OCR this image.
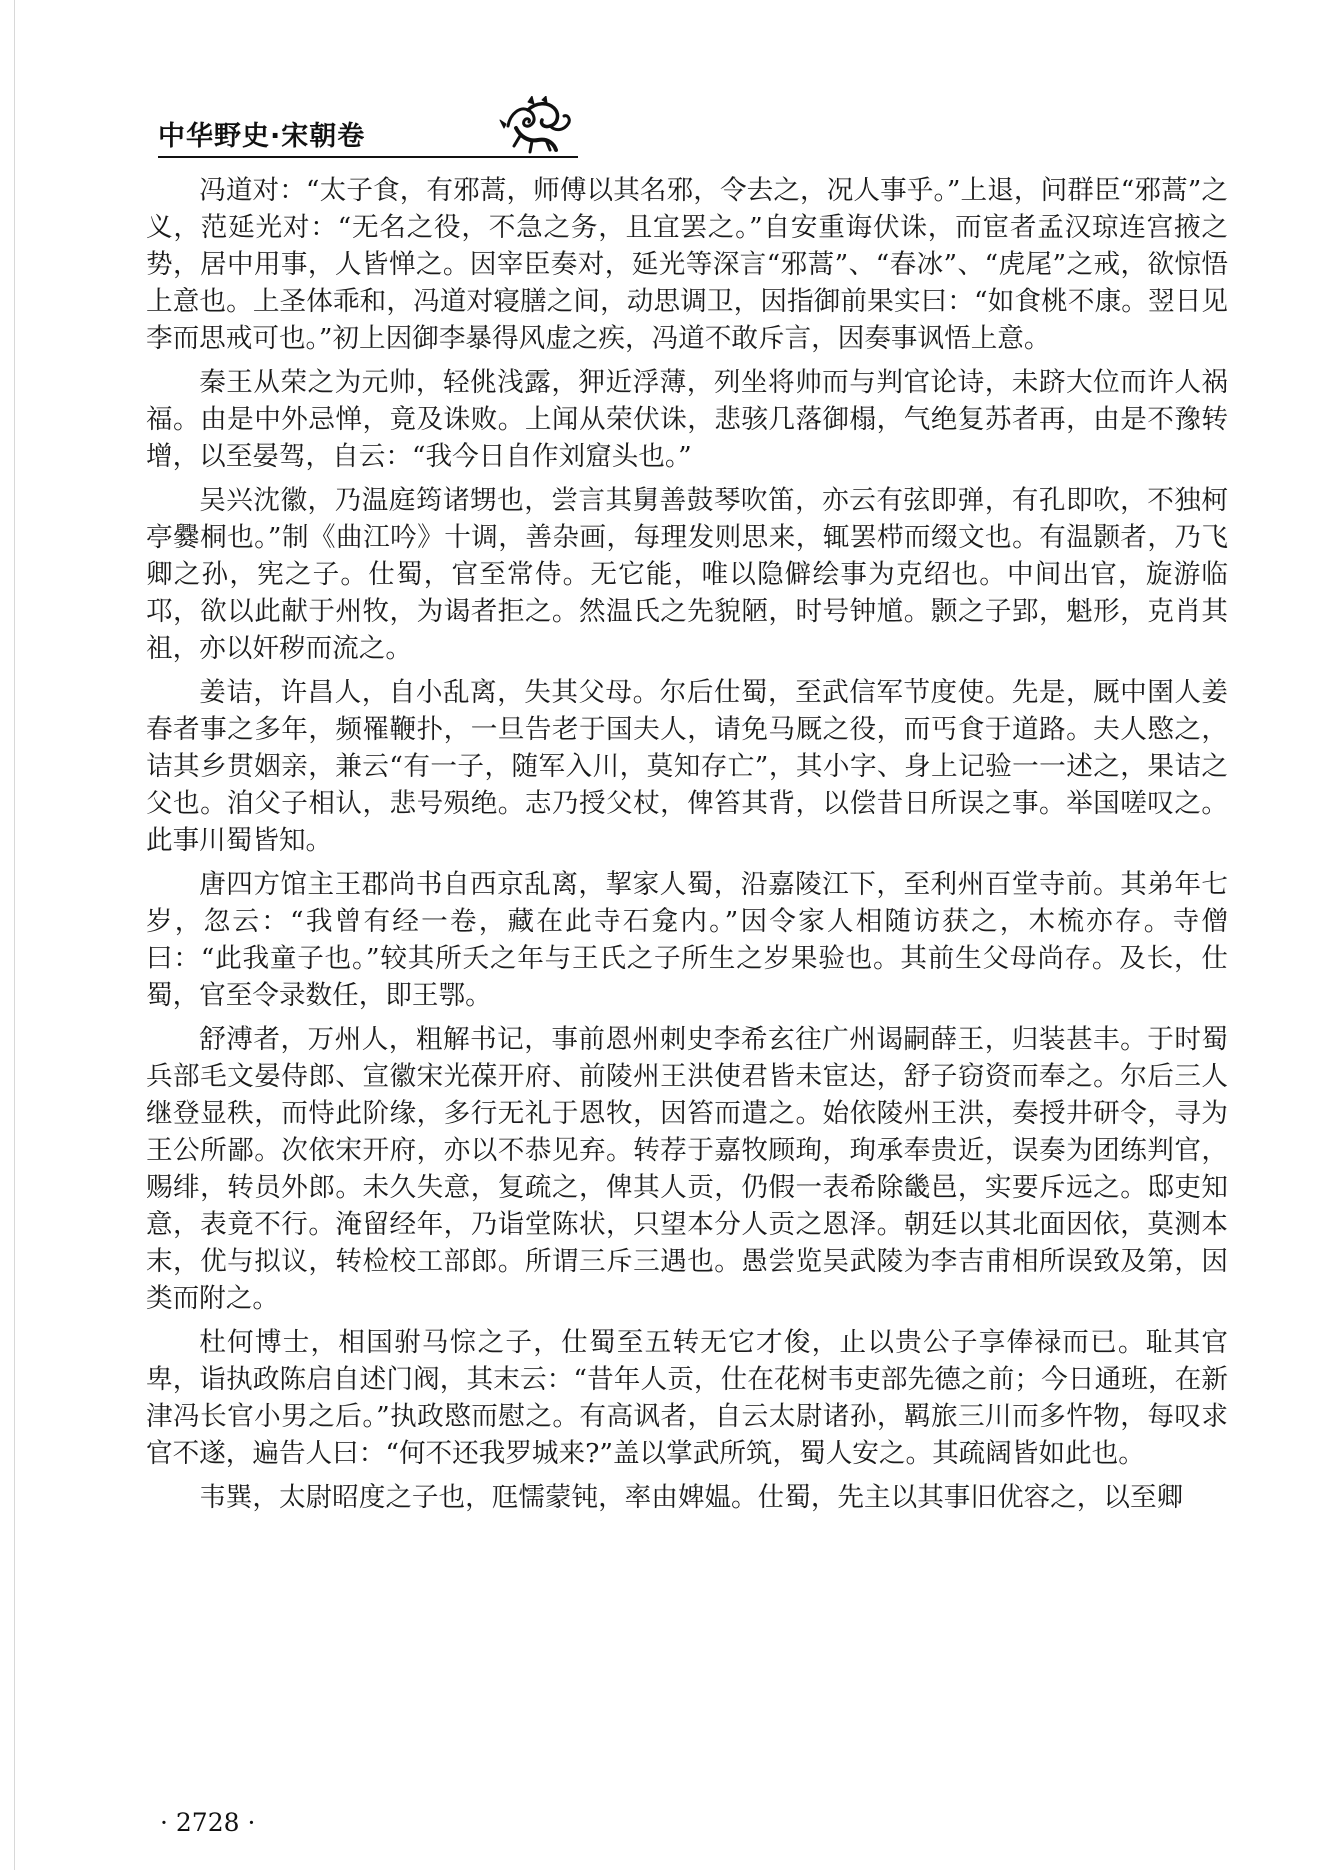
中华野史·宋朝卷

冯道对：“太子食，有邪蒿，师傅以其名邪，令去之，况人事乎。”上退，问群臣“邪蒿”之义，范延光对：“无名之役，不急之务，且宜罢之。”自安重诲伏诛，而宦者孟汉琼连宫掖之势，居中用事，人皆惮之。因宰臣奏对，延光等深言“邪蒿”、“春冰”、“虎尾”之戒，欲惊悟上意也。上圣体乖和，冯道对寝膳之间，动思调卫，因指御前果实曰：“如食桃不康。翌日见李而思戒可也。”初上因御李暴得风虚之疾，冯道不敢斥言，因奏事讽悟上意。

秦王从荣之为元帅，轻佻浅露，狎近浮薄，列坐将帅而与判官论诗，未跻大位而许人祸福。由是中外忌惮，竟及诛败。上闻从荣伏诛，悲骇几落御榻，气绝复苏者再，由是不豫转增，以至晏驾，自云：“我今日自作刘窟头也。”

吴兴沈徽，乃温庭筠诸甥也，尝言其舅善鼓琴吹笛，亦云有弦即弹，有孔即吹，不独柯亭爨桐也。”制《曲江吟》十调，善杂画，每理发则思来，辄罢栉而缀文也。有温颢者，乃飞卿之孙，宪之子。仕蜀，官至常侍。无它能，唯以隐僻绘事为克绍也。中间出官，旋游临邛，欲以此献于州牧，为谒者拒之。然温氏之先貌陋，时号钟馗。颢之子郢，魁形，克肖其祖，亦以奸秽而流之。

姜诘，许昌人，自小乱离，失其父母。尔后仕蜀，至武信军节度使。先是，厩中圉人姜春者事之多年，频罹鞭扑，一旦告老于国夫人，请免马厩之役，而丐食于道路。夫人愍之，诘其乡贯姻亲，兼云“有一子，随军入川，莫知存亡”，其小字、身上记验一一述之，果诘之父也。洎父子相认，悲号殒绝。志乃授父杖，俾笞其背，以偿昔日所误之事。举国嗟叹之。此事川蜀皆知。

唐四方馆主王郡尚书自西京乱离，挈家人蜀，沿嘉陵江下，至利州百堂寺前。其弟年七岁，忽云：“我曾有经一卷，藏在此寺石龛内。”因令家人相随访获之，木梳亦存。寺僧曰：“此我童子也。”较其所夭之年与王氏之子所生之岁果验也。其前生父母尚存。及长，仕蜀，官至令录数任，即王鄂。

舒溥者，万州人，粗解书记，事前恩州刺史李希玄往广州谒嗣薛王，归装甚丰。于时蜀兵部毛文晏侍郎、宣徽宋光葆开府、前陵州王洪使君皆未宦达，舒子窃资而奉之。尔后三人继登显秩，而恃此阶缘，多行无礼于恩牧，因笞而遣之。始依陵州王洪，奏授井研令，寻为王公所鄙。次依宋开府，亦以不恭见弃。转荐于嘉牧顾珣，珣承奉贵近，误奏为团练判官，赐绯，转员外郎。未久失意，复疏之，俾其人贡，仍假一表希除畿邑，实要斥远之。邸吏知意，表竟不行。淹留经年，乃诣堂陈状，只望本分人贡之恩泽。朝廷以其北面因依，莫测本末，优与拟议，转检校工部郎。所谓三斥三遇也。愚尝览吴武陵为李吉甫相所误致及第，因类而附之。

杜何博士，相国驸马悰之子，仕蜀至五转无它才俊，止以贵公子享俸禄而已。耻其官卑，诣执政陈启自述门阀，其末云：“昔年人贡，仕在花树韦吏部先德之前；今日通班，在新津冯长官小男之后。”执政愍而慰之。有高讽者，自云太尉诸孙，羁旅三川而多忤物，每叹求官不遂，遍告人曰：“何不还我罗城来?”盖以掌武所筑，蜀人安之。其疏阔皆如此也。

韦巽，太尉昭度之子也，尫懦蒙钝，率由婢媪。仕蜀，先主以其事旧优容之，以至卿

· 2728 ·
